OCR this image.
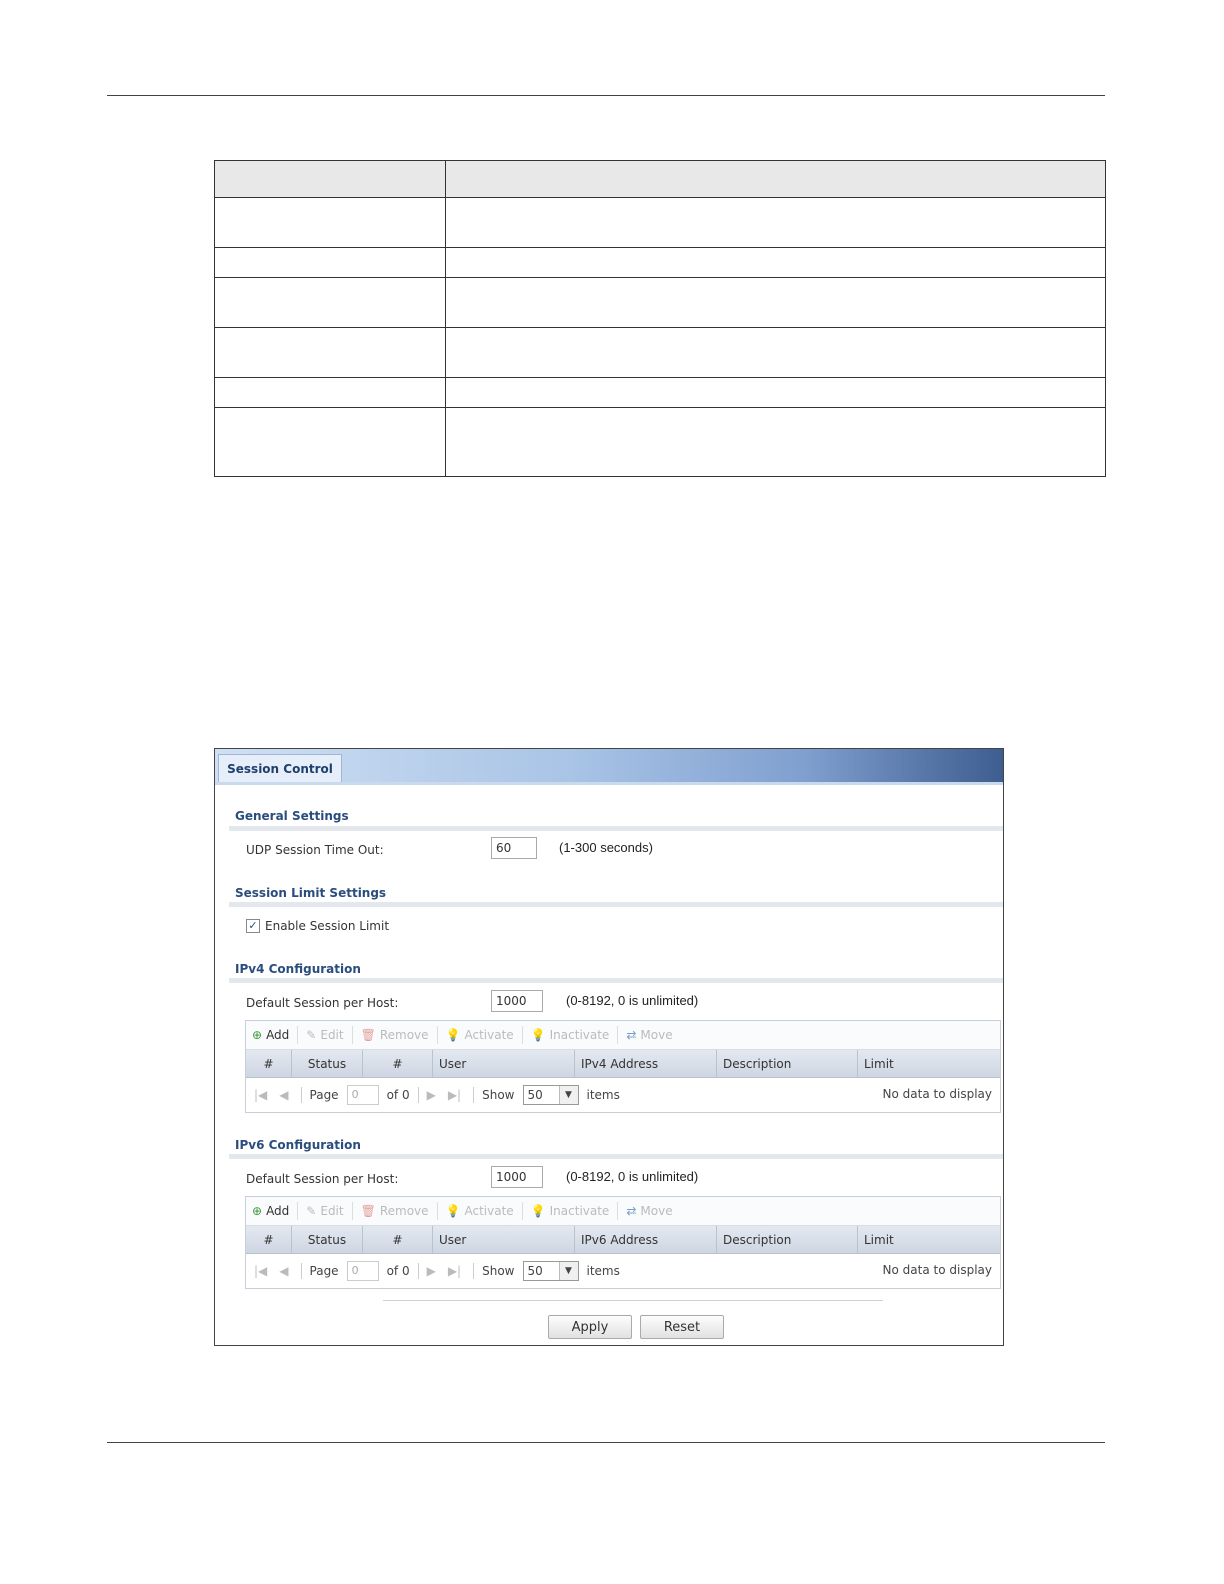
Session Control
General Settings
UDP Session Time Out:	60	(1-300 seconds)
Session Limit Settings
✓ Enable Session Limit
IPv4 Configuration
Default Session per Host:	1000	(0-8192, 0 is unlimited)
⊕ Add ✎ Edit 🗑 Remove 💡 Activate 💡 Inactivate ⇄ Move
#	Status	#	User	IPv4 Address	Description	Limit
|◀ ◀ Page	0	of 0 ▶ ▶| Show 50	▼	items	No data to display
IPv6 Configuration
Default Session per Host:	1000	(0-8192, 0 is unlimited)
⊕ Add ✎ Edit 🗑 Remove 💡 Activate 💡 Inactivate ⇄ Move
#	Status	#	User	IPv6 Address	Description	Limit
|◀ ◀ Page	0	of 0 ▶ ▶| Show 50	▼	items	No data to display
Apply	Reset
